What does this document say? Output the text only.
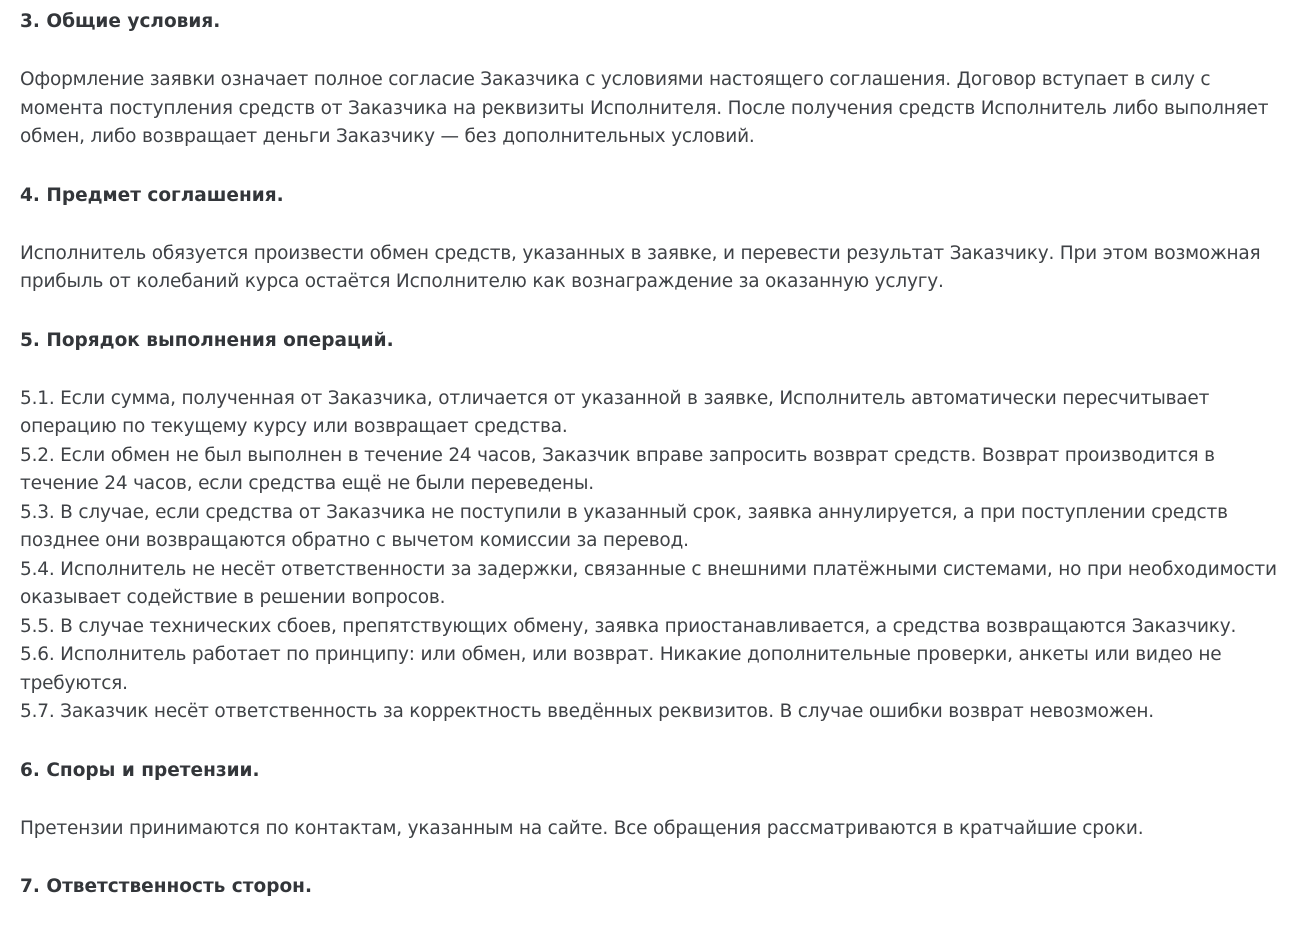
3. Общие условия.

Оформление заявки означает полное согласие Заказчика с условиями настоящего соглашения. Договор вступает в силу с момента поступления средств от Заказчика на реквизиты Исполнителя. После получения средств Исполнитель либо выполняет обмен, либо возвращает деньги Заказчику — без дополнительных условий.

4. Предмет соглашения.

Исполнитель обязуется произвести обмен средств, указанных в заявке, и перевести результат Заказчику. При этом возможная прибыль от колебаний курса остаётся Исполнителю как вознаграждение за оказанную услугу.

5. Порядок выполнения операций.

5.1. Если сумма, полученная от Заказчика, отличается от указанной в заявке, Исполнитель автоматически пересчитывает операцию по текущему курсу или возвращает средства.

5.2. Если обмен не был выполнен в течение 24 часов, Заказчик вправе запросить возврат средств. Возврат производится в течение 24 часов, если средства ещё не были переведены.

5.3. В случае, если средства от Заказчика не поступили в указанный срок, заявка аннулируется, а при поступлении средств позднее они возвращаются обратно с вычетом комиссии за перевод.

5.4. Исполнитель не несёт ответственности за задержки, связанные с внешними платёжными системами, но при необходимости оказывает содействие в решении вопросов.

5.5. В случае технических сбоев, препятствующих обмену, заявка приостанавливается, а средства возвращаются Заказчику.

5.6. Исполнитель работает по принципу: или обмен, или возврат. Никакие дополнительные проверки, анкеты или видео не требуются.

5.7. Заказчик несёт ответственность за корректность введённых реквизитов. В случае ошибки возврат невозможен.

6. Споры и претензии.

Претензии принимаются по контактам, указанным на сайте. Все обращения рассматриваются в кратчайшие сроки.

7. Ответственность сторон.
